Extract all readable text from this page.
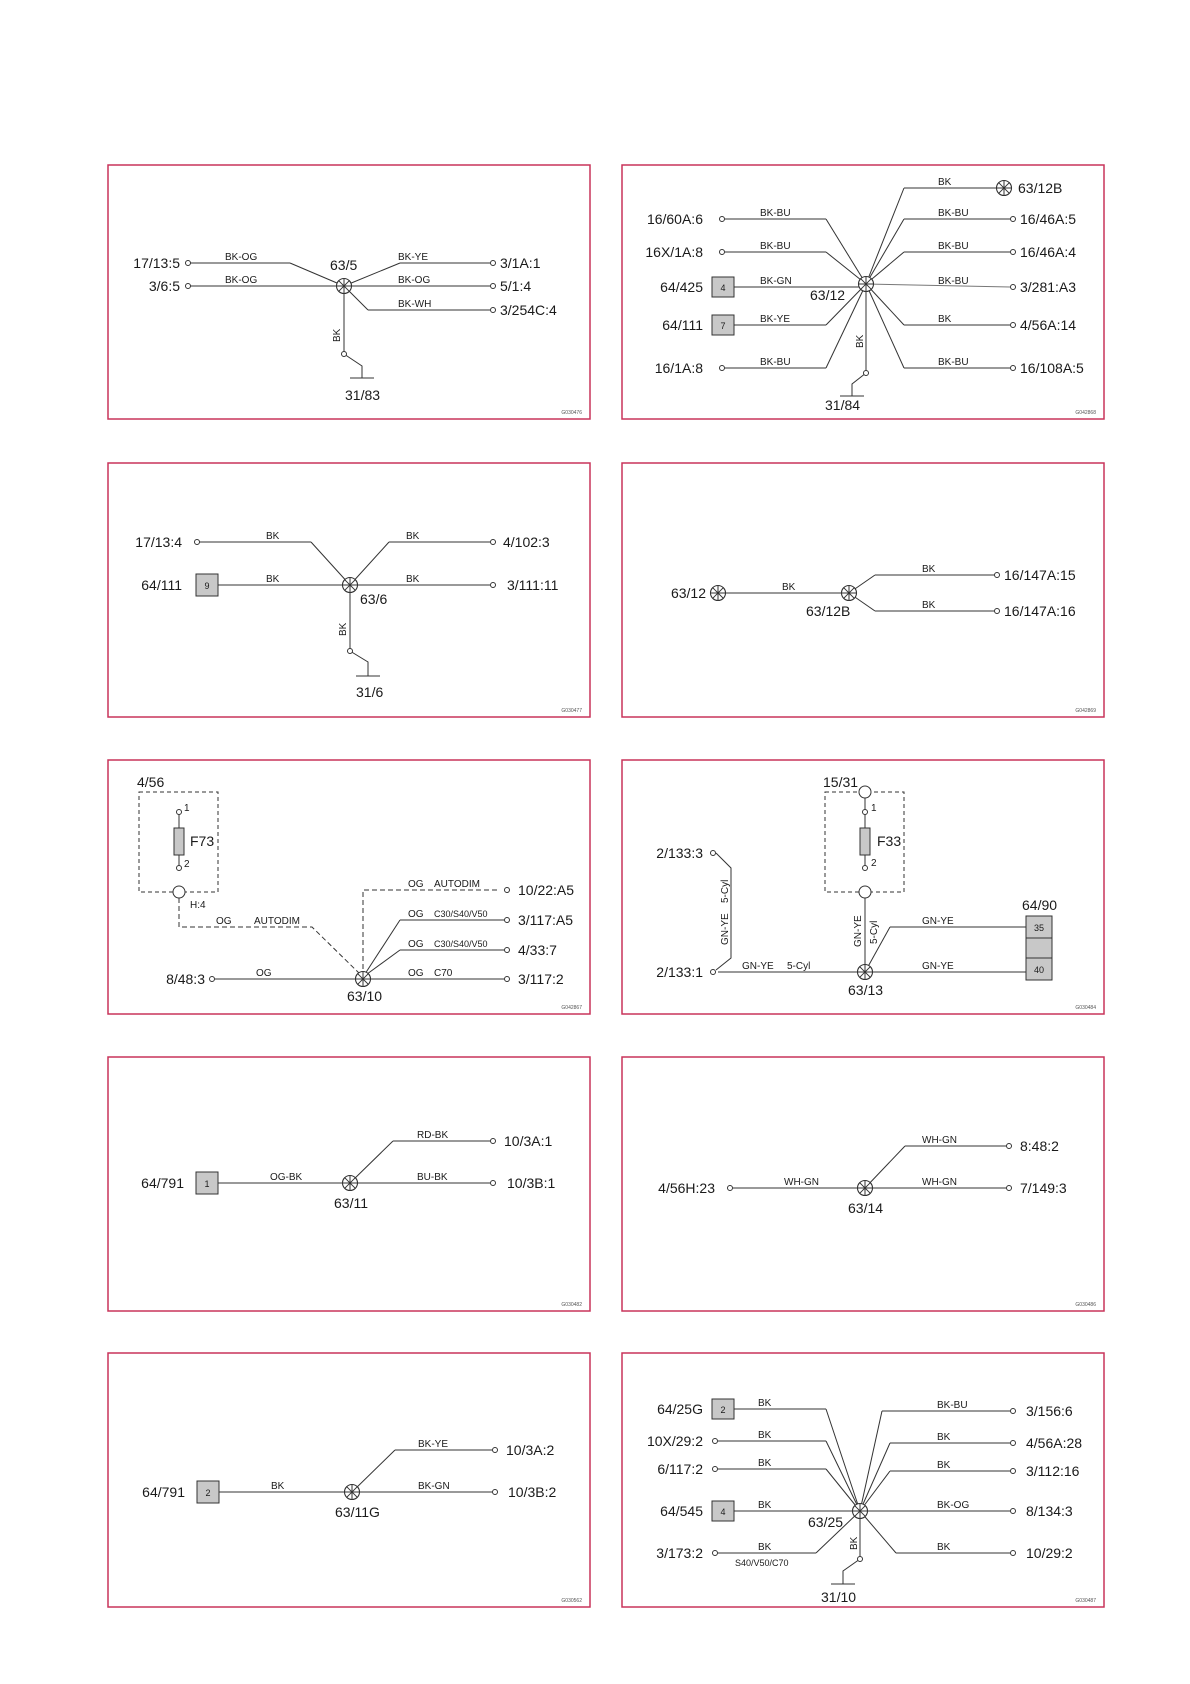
17/13:5
3/6:5
BK-OG
BK-OG
63/5	BK-YE
BK-OG
BK-WH
3/1A:1
5/1:4
3/254C:4
BK
31/83
G030476
16/60A:6
16X/1A:8
64/425
64/111
16/1A:8
4
7
BK-BU
BK-BU
BK-GN
BK-YE
BK-BU
63/12
BK
BK-BU
BK-BU
BK-BU
BK
BK-BU
63/12B
16/46A:5
16/46A:4
3/281:A3
4/56A:14
16/108A:5
BK
31/84	G042868
17/13:4
64/111 9
BK
BK
63/6
BK
BK
4/102:3
3/111:11
BK
31/6
G030477
63/12	BK
63/12B
BK
BK
16/147A:15
16/147A:16
G042869
4/56
1
F73
2
H:4
OG AUTODIM
8/48:3	OG
63/10
OG AUTODIM
OG C30/S40/V50
OG C30/S40/V50
OG C70
10/22:A5
3/117:A5
4/33:7
3/117:2
G042867
15/31
1
F33
2
GN-YE 5-Cyl
2/133:3
GN-YE
5-Cyl
2/133:1	GN-YE 5-Cyl
63/13
GN-YE
GN-YE
64/90
35
40
G030484
64/791 1
OG-BK
63/11
RD-BK
BU-BK
10/3A:1
10/3B:1
G030482
4/56H:23	WH-GN
63/14
WH-GN
WH-GN
8:48:2
7/149:3
G030486
64/791 2
BK
63/11G
BK-YE
BK-GN
10/3A:2
10/3B:2
G030562
64/25G
10X/29:2
6/117:2
64/545
3/173:2
2
4
BK
BK
BK
BK
BK
S40/V50/C70
63/25
BK-BU
BK
BK
BK-OG
BK
3/156:6
4/56A:28
3/112:16
8/134:3
10/29:2
BK
31/10	G030487
